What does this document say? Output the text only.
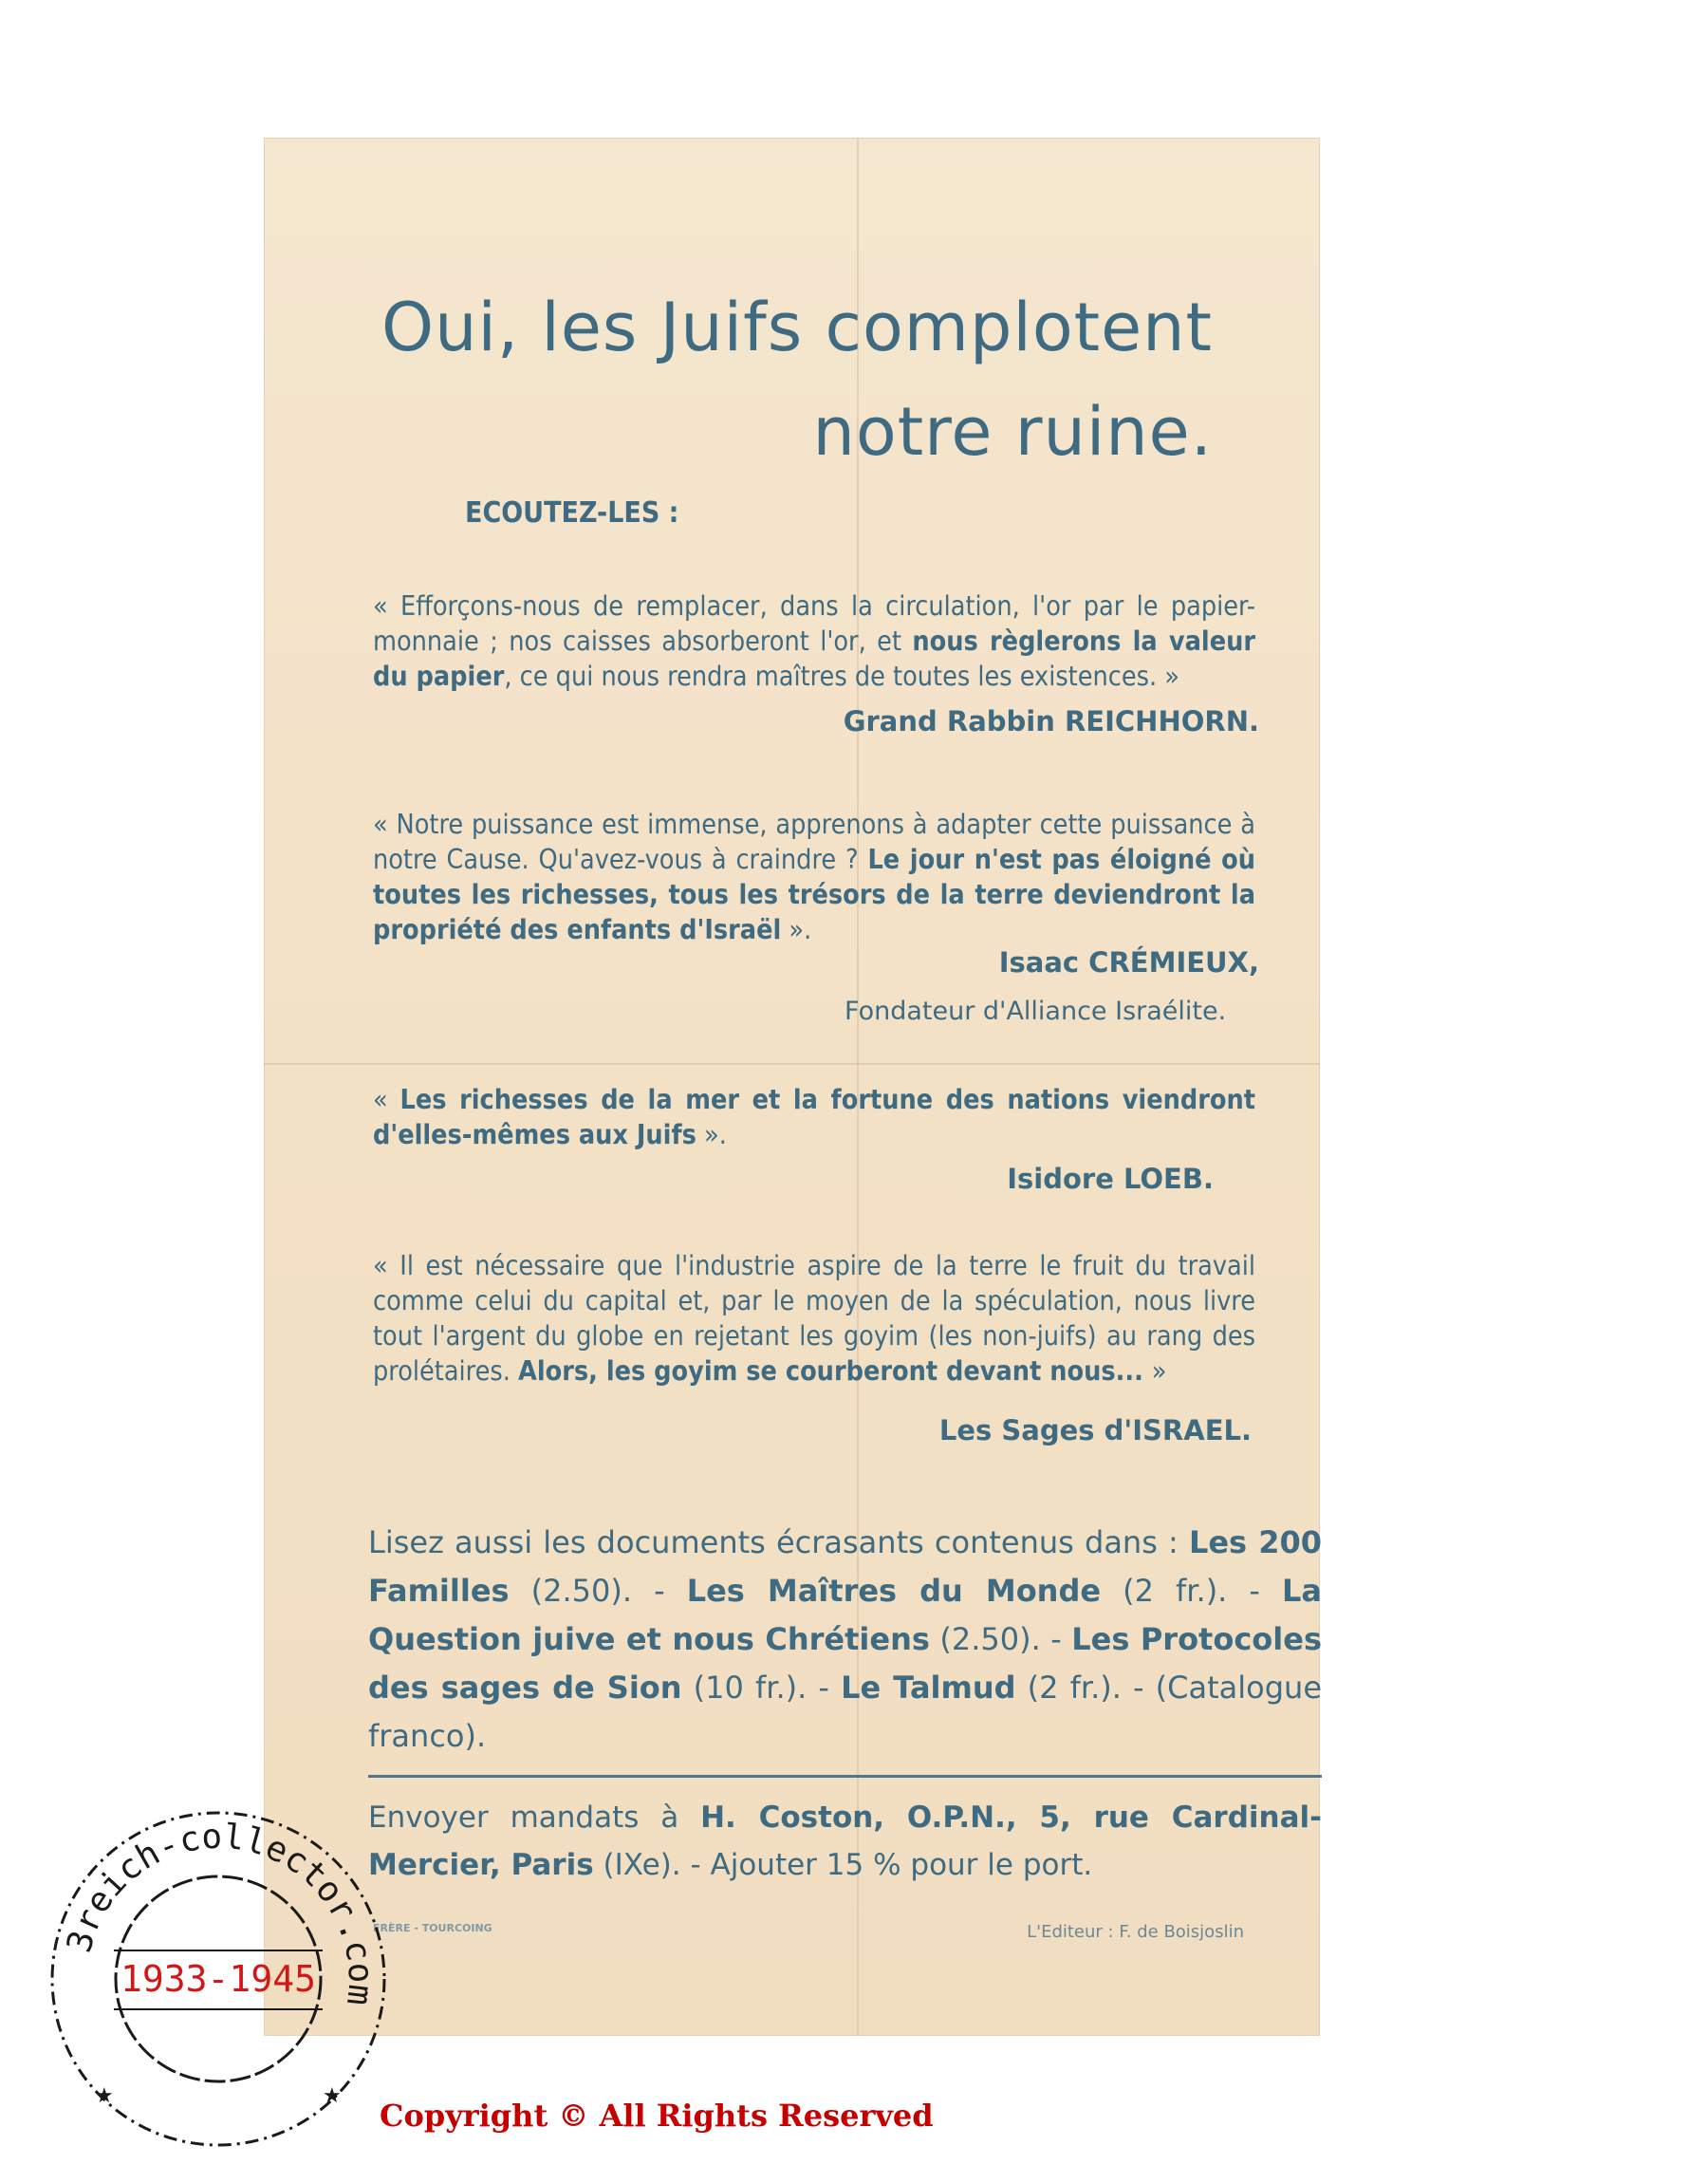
Oui, les Juifs complotent
notre ruine.
ECOUTEZ-LES :
« Efforçons-nous de remplacer, dans la circulation, l'or par le papier-monnaie ; nos caisses absorberont l'or, et nous règlerons la valeur du papier, ce qui nous rendra maîtres de toutes les existences. »
Grand Rabbin REICHHORN.
« Notre puissance est immense, apprenons à adapter cette puissance à notre Cause. Qu'avez-vous à craindre ? Le jour n'est pas éloigné où toutes les richesses, tous les trésors de la terre deviendront la propriété des enfants d'Israël ».
Isaac CRÉMIEUX,
Fondateur d'Alliance Israélite.
« Les richesses de la mer et la fortune des nations viendront d'elles-mêmes aux Juifs ».
Isidore LOEB.
« Il est nécessaire que l'industrie aspire de la terre le fruit du travail comme celui du capital et, par le moyen de la spéculation, nous livre tout l'argent du globe en rejetant les goyim (les non-juifs) au rang des prolétaires. Alors, les goyim se courberont devant nous... »
Les Sages d'ISRAEL.
Lisez aussi les documents écrasants contenus dans : Les 200 Familles (2.50). - Les Maîtres du Monde (2 fr.). - La Question juive et nous Chrétiens (2.50). - Les Protocoles des sages de Sion (10 fr.). - Le Talmud (2 fr.). - (Catalogue franco).
Envoyer mandats à H. Coston, O.P.N., 5, rue Cardinal-Mercier, Paris (IXe). - Ajouter 15 % pour le port.
FRÈRE - TOURCOING	L'Editeur : F. de Boisjoslin
3reich-collector.com
1933-1945
★	★
Copyright © All Rights Reserved
